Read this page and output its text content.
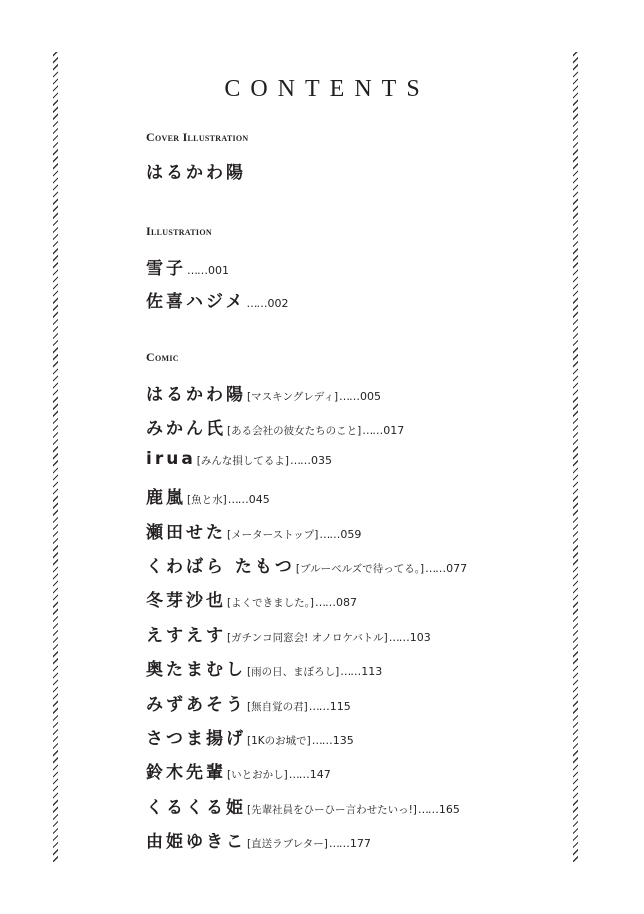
CONTENTS
Cover Illustration
はるかわ陽
Illustration
雪子 …… 001
佐喜ハジメ …… 002
Comic
はるかわ陽 [マスキングレディ] …… 005
みかん氏 [ある会社の彼女たちのこと] …… 017
irua [みんな損してるよ] …… 035
鹿嵐 [魚と水] …… 045
瀬田せた [メーターストップ] …… 059
くわばら たもつ [ブルーベルズで待ってる。] …… 077
冬芽沙也 [よくできました。] …… 087
えすえす [ガチンコ同窓会! オノロケバトル] …… 103
奥たまむし [雨の日、まぼろし] …… 113
みずあそう [無自覚の君] …… 115
さつま揚げ [1Kのお城で] …… 135
鈴木先輩 [いとおかし] …… 147
くるくる姫 [先輩社員をひーひー言わせたいっ!] …… 165
由姫ゆきこ [直送ラブレター] …… 177
